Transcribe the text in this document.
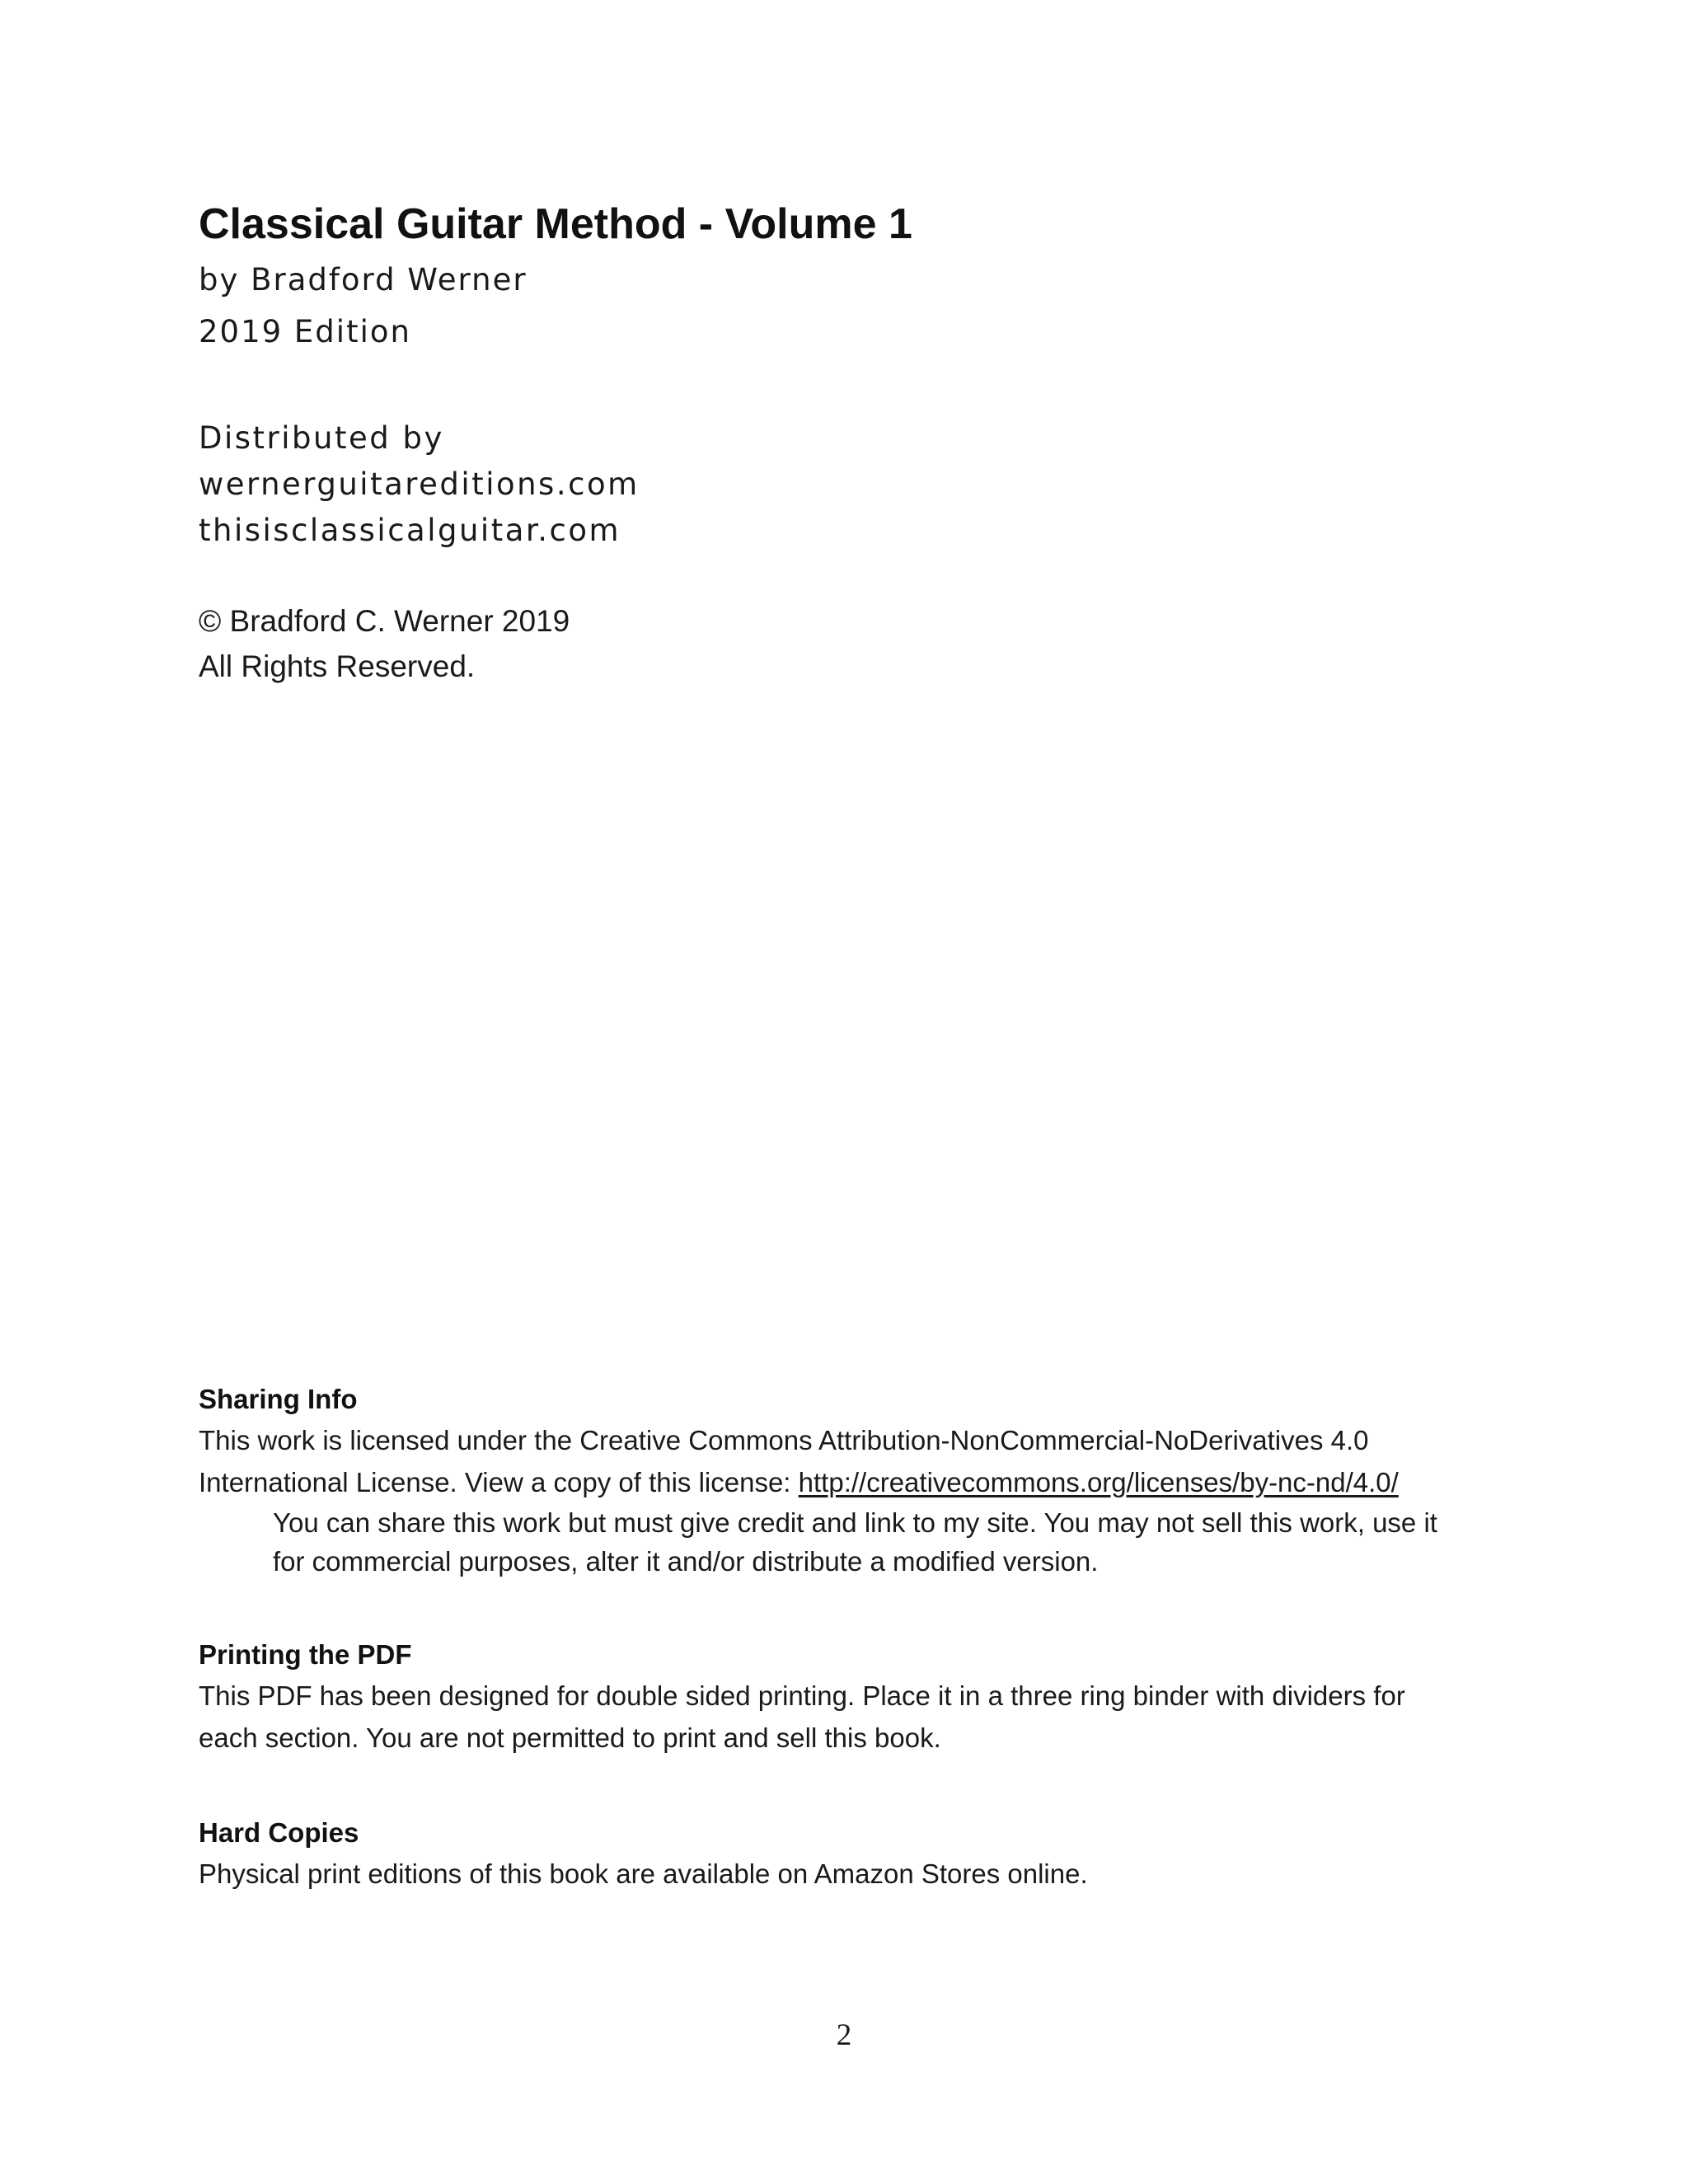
Classical Guitar Method - Volume 1
by Bradford Werner
2019 Edition
Distributed by
wernerguitareditions.com
thisisclassicalguitar.com
© Bradford C. Werner 2019
All Rights Reserved.
Sharing Info
This work is licensed under the Creative Commons Attribution-NonCommercial-NoDerivatives 4.0
International License. View a copy of this license: http://creativecommons.org/licenses/by-nc-nd/4.0/
You can share this work but must give credit and link to my site. You may not sell this work, use it
for commercial purposes, alter it and/or distribute a modified version.
Printing the PDF
This PDF has been designed for double sided printing. Place it in a three ring binder with dividers for
each section. You are not permitted to print and sell this book.
Hard Copies
Physical print editions of this book are available on Amazon Stores online.
2
